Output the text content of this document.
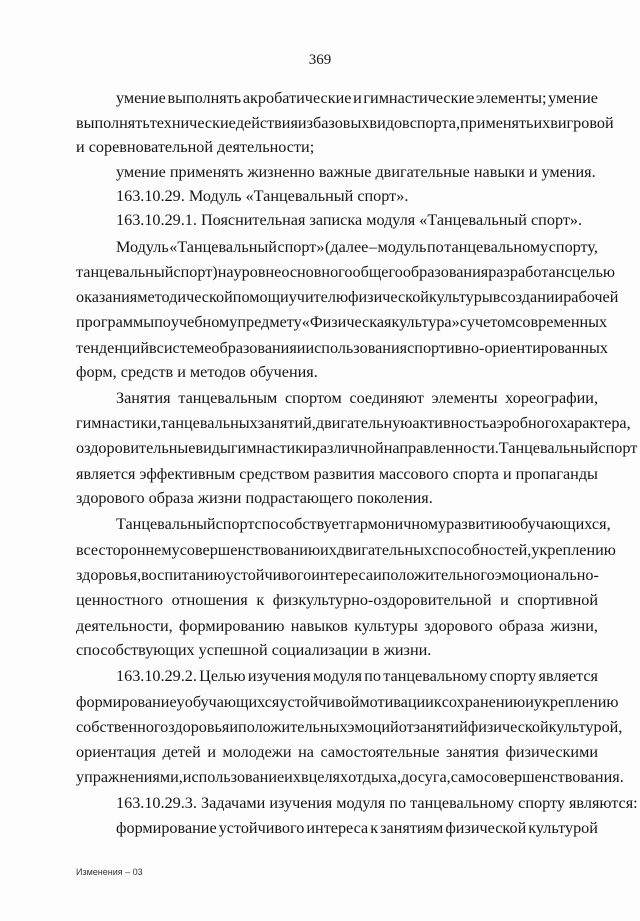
369
умение выполнять акробатические и гимнастические элементы; умение
выполнять технические действия из базовых видов спорта, применять их в игровой
и соревновательной деятельности;
умение применять жизненно важные двигательные навыки и умения.
163.10.29. Модуль «Танцевальный спорт».
163.10.29.1. Пояснительная записка модуля «Танцевальный спорт».
Модуль «Танцевальный спорт» (далее – модуль по танцевальному спорту,
танцевальный спорт) на уровне основного общего образования разработан с целью
оказания методической помощи учителю физической культуры в создании рабочей
программы по учебному предмету «Физическая культура» с учетом современных
тенденций в системе образования и использования спортивно-ориентированных
форм, средств и методов обучения.
Занятия танцевальным спортом соединяют элементы хореографии,
гимнастики, танцевальных занятий, двигательную активность аэробного характера,
оздоровительные виды гимнастики различной направленности. Танцевальный спорт
является эффективным средством развития массового спорта и пропаганды
здорового образа жизни подрастающего поколения.
Танцевальный спорт способствует гармоничному развитию обучающихся,
всестороннему совершенствованию их двигательных способностей, укреплению
здоровья, воспитанию устойчивого интереса и положительного эмоционально-
ценностного отношения к физкультурно-оздоровительной и спортивной
деятельности, формированию навыков культуры здорового образа жизни,
способствующих успешной социализации в жизни.
163.10.29.2. Целью изучения модуля по танцевальному спорту является
формирование у обучающихся устойчивой мотивации к сохранению и укреплению
собственного здоровья и положительных эмоций от занятий физической культурой,
ориентация детей и молодежи на самостоятельные занятия физическими
упражнениями, использование их в целях отдыха, досуга, самосовершенствования.
163.10.29.3. Задачами изучения модуля по танцевальному спорту являются:
формирование устойчивого интереса к занятиям физической культурой
Изменения – 03
